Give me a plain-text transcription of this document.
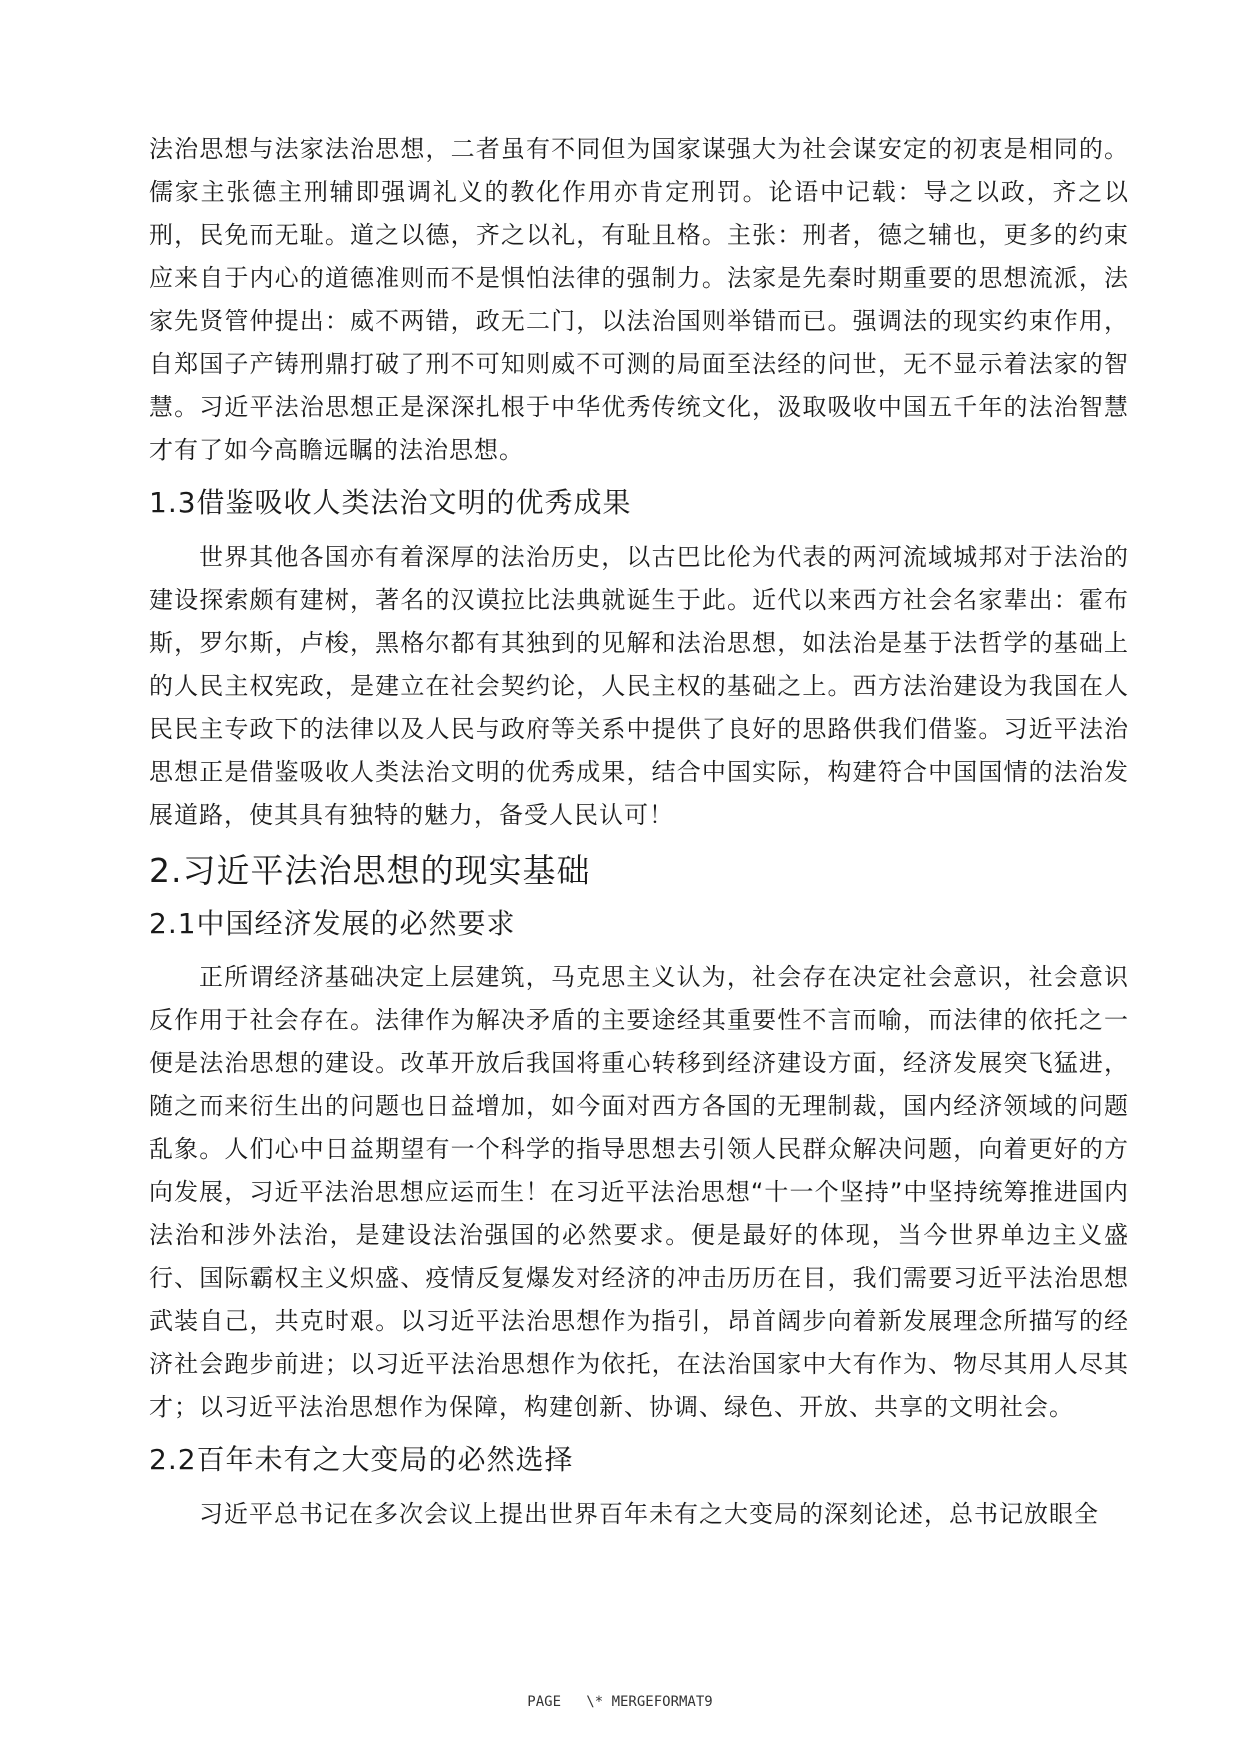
法治思想与法家法治思想，二者虽有不同但为国家谋强大为社会谋安定的初衷是相同的。儒家主张德主刑辅即强调礼义的教化作用亦肯定刑罚。论语中记载：导之以政，齐之以刑，民免而无耻。道之以德，齐之以礼，有耻且格。主张：刑者，德之辅也，更多的约束应来自于内心的道德准则而不是惧怕法律的强制力。法家是先秦时期重要的思想流派，法家先贤管仲提出：威不两错，政无二门，以法治国则举错而已。强调法的现实约束作用，自郑国子产铸刑鼎打破了刑不可知则威不可测的局面至法经的问世，无不显示着法家的智慧。习近平法治思想正是深深扎根于中华优秀传统文化，汲取吸收中国五千年的法治智慧才有了如今高瞻远瞩的法治思想。

1.3借鉴吸收人类法治文明的优秀成果

世界其他各国亦有着深厚的法治历史，以古巴比伦为代表的两河流域城邦对于法治的建设探索颇有建树，著名的汉谟拉比法典就诞生于此。近代以来西方社会名家辈出：霍布斯，罗尔斯，卢梭，黑格尔都有其独到的见解和法治思想，如法治是基于法哲学的基础上的人民主权宪政，是建立在社会契约论，人民主权的基础之上。西方法治建设为我国在人民民主专政下的法律以及人民与政府等关系中提供了良好的思路供我们借鉴。习近平法治思想正是借鉴吸收人类法治文明的优秀成果，结合中国实际，构建符合中国国情的法治发展道路，使其具有独特的魅力，备受人民认可！

2.习近平法治思想的现实基础
2.1中国经济发展的必然要求

正所谓经济基础决定上层建筑，马克思主义认为，社会存在决定社会意识，社会意识反作用于社会存在。法律作为解决矛盾的主要途经其重要性不言而喻，而法律的依托之一便是法治思想的建设。改革开放后我国将重心转移到经济建设方面，经济发展突飞猛进，随之而来衍生出的问题也日益增加，如今面对西方各国的无理制裁，国内经济领域的问题乱象。人们心中日益期望有一个科学的指导思想去引领人民群众解决问题，向着更好的方向发展，习近平法治思想应运而生！在习近平法治思想“十一个坚持”中坚持统筹推进国内法治和涉外法治，是建设法治强国的必然要求。便是最好的体现，当今世界单边主义盛行、国际霸权主义炽盛、疫情反复爆发对经济的冲击历历在目，我们需要习近平法治思想武装自己，共克时艰。以习近平法治思想作为指引，昂首阔步向着新发展理念所描写的经济社会跑步前进；以习近平法治思想作为依托，在法治国家中大有作为、物尽其用人尽其才；以习近平法治思想作为保障，构建创新、协调、绿色、开放、共享的文明社会。

2.2百年未有之大变局的必然选择

习近平总书记在多次会议上提出世界百年未有之大变局的深刻论述，总书记放眼全

PAGE   \* MERGEFORMAT9
